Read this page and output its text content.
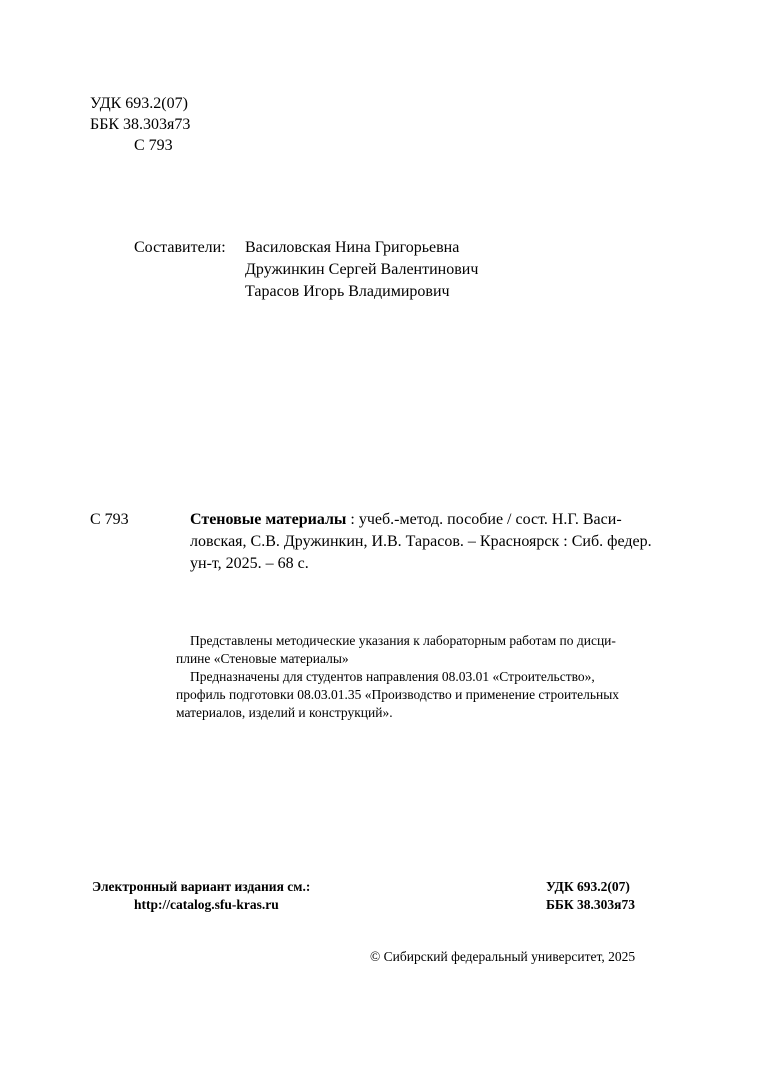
УДК 693.2(07)
ББК 38.303я73
С 793
Составители: Василовская Нина Григорьевна
Дружинкин Сергей Валентинович
Тарасов Игорь Владимирович
С 793	Стеновые материалы : учеб.-метод. пособие / сост. Н.Г. Васи-
ловская, С.В. Дружинкин, И.В. Тарасов. – Красноярск : Сиб. федер.
ун-т, 2025. – 68 с.
Представлены методические указания к лабораторным работам по дисци-
плине «Стеновые материалы»
Предназначены для студентов направления 08.03.01 «Строительство»,
профиль подготовки 08.03.01.35 «Производство и применение строительных
материалов, изделий и конструкций».
Электронный вариант издания см.:
http://catalog.sfu-kras.ru
УДК 693.2(07)
ББК 38.303я73
© Сибирский федеральный университет, 2025
